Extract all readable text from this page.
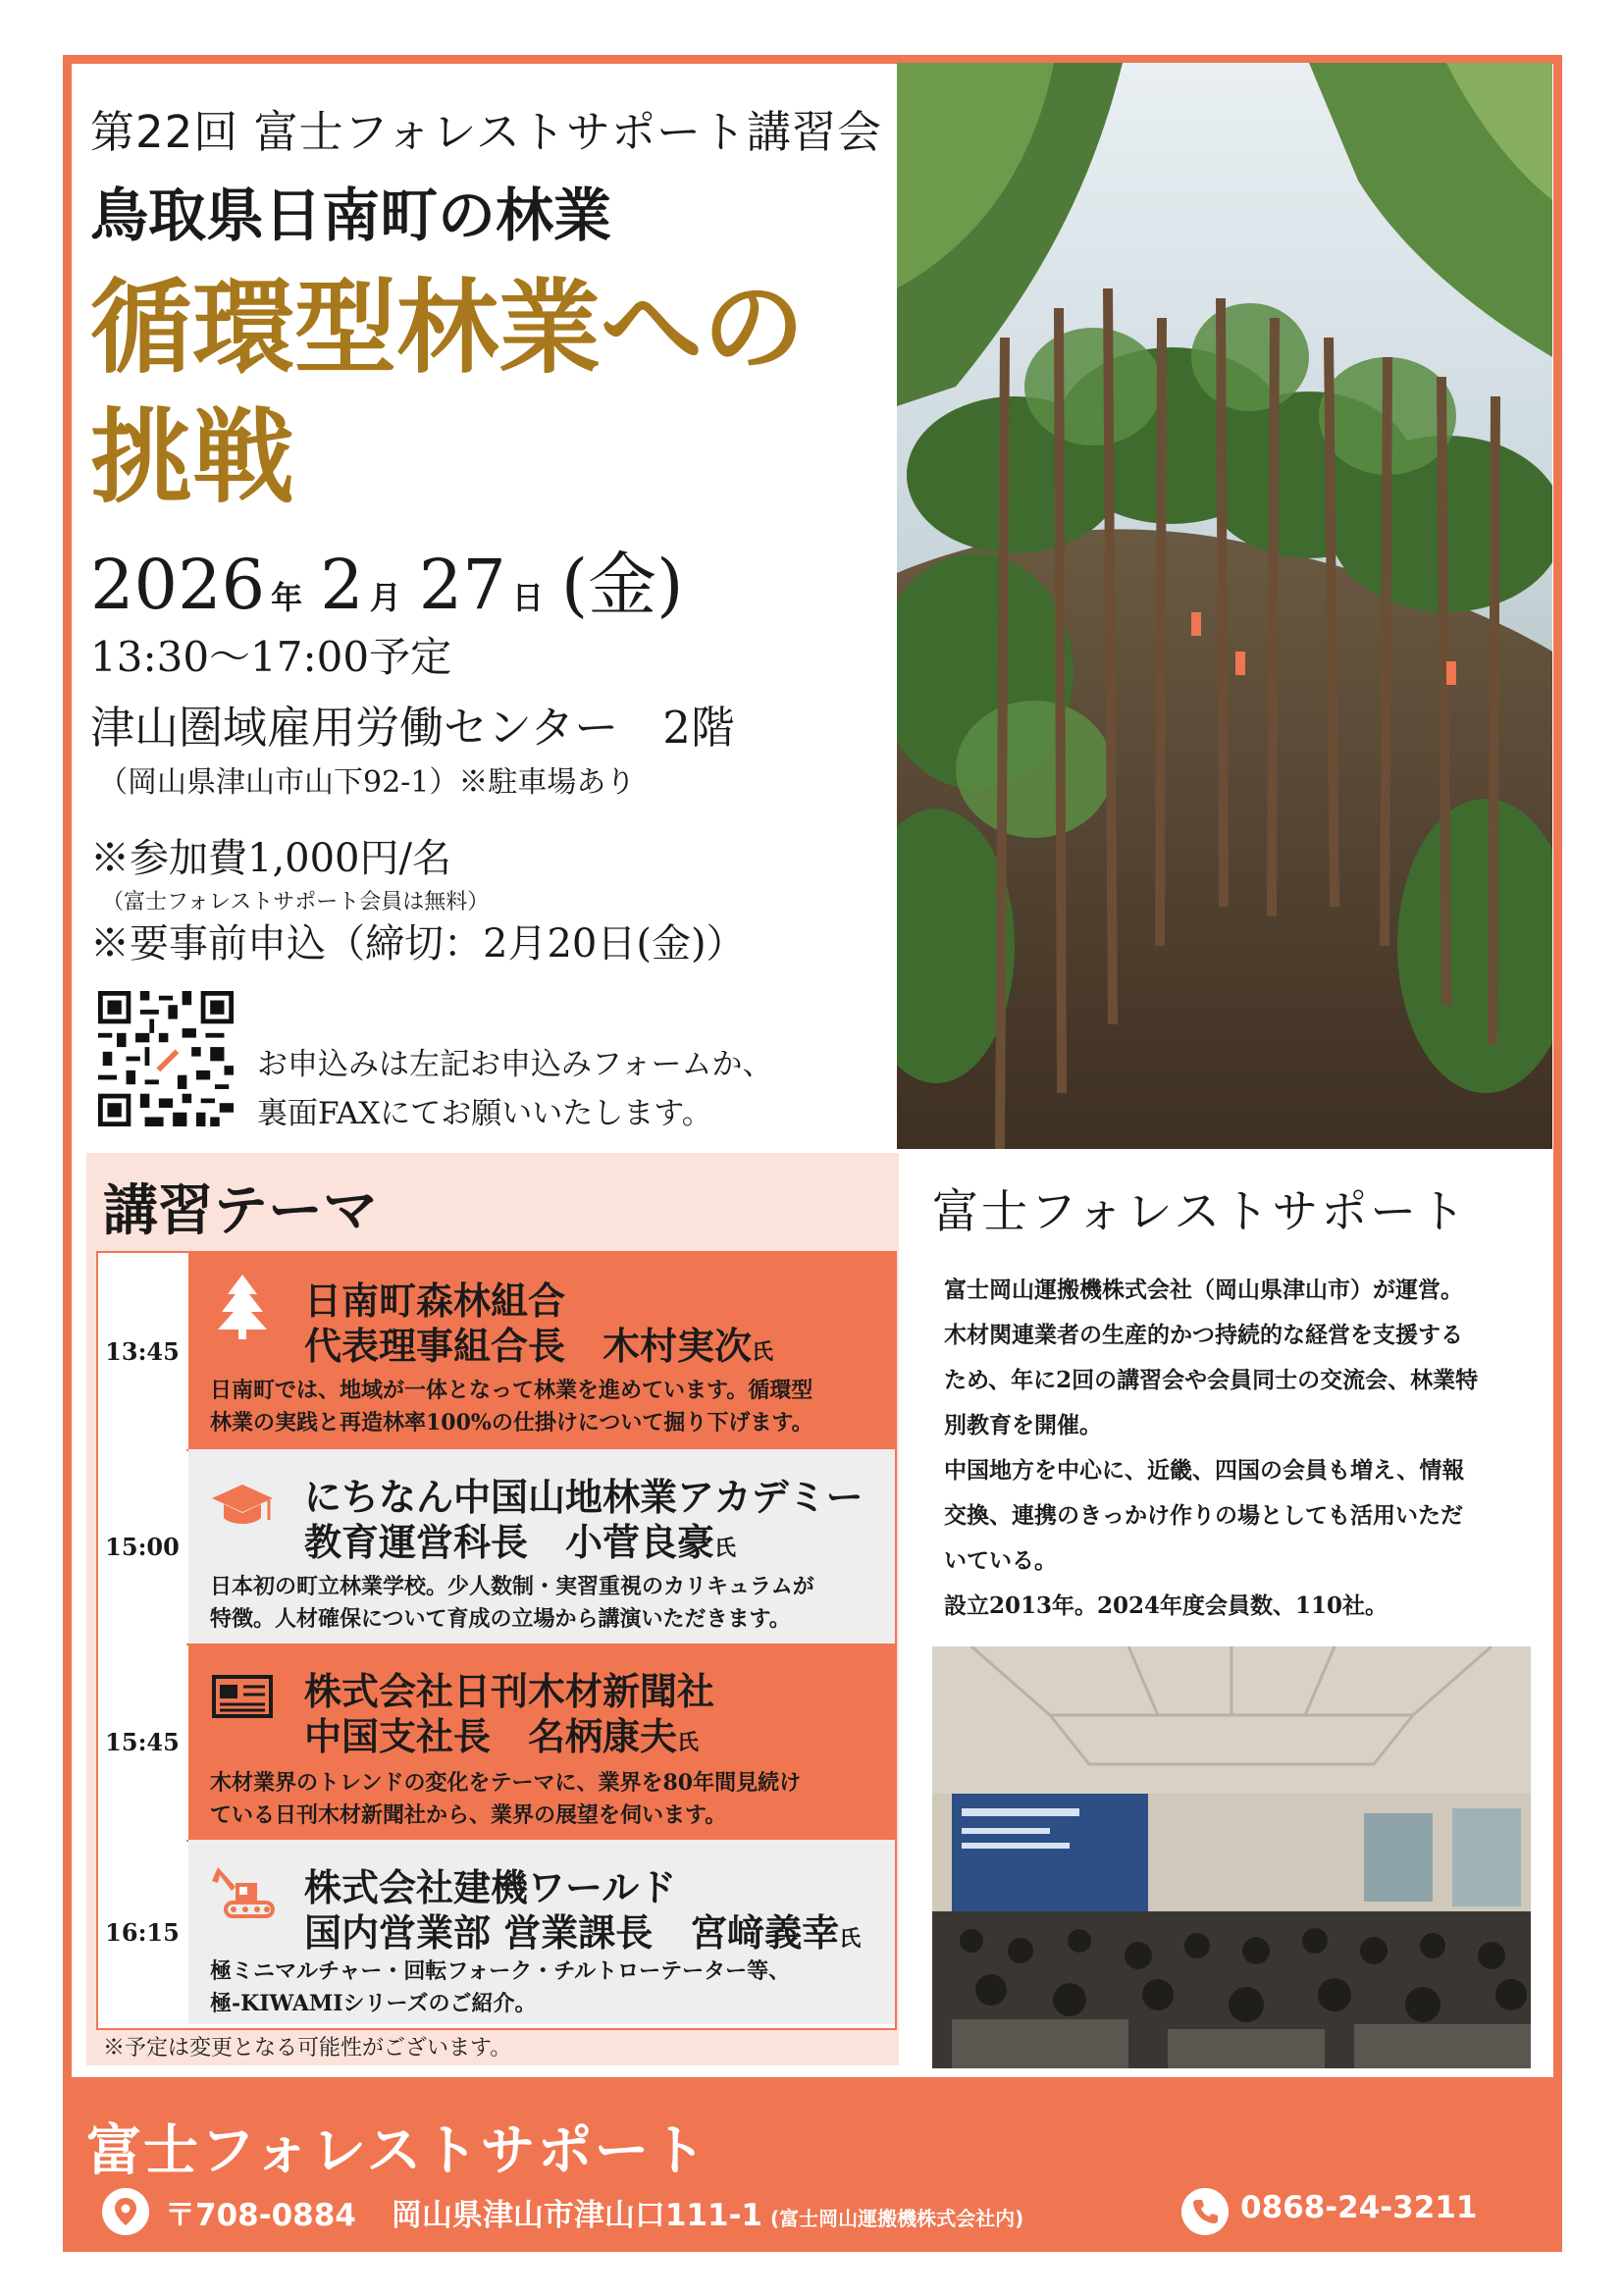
第22回 富士フォレストサポート講習会
鳥取県日南町の林業
循環型林業への
挑戦
2026 年 2 月 27 日 (金)
13:30～17:00予定
津山圏域雇用労働センター　2階
（岡山県津山市山下92-1）※駐車場あり
※参加費1,000円/名
（富士フォレストサポート会員は無料）
※要事前申込（締切：2月20日(金)）
お申込みは左記お申込みフォームか、
裏面FAXにてお願いいたします。
講習テーマ
13:45
日南町森林組合
代表理事組合長　木村実次氏
日南町では、地域が一体となって林業を進めています。循環型
林業の実践と再造林率100%の仕掛けについて掘り下げます。
15:00
にちなん中国山地林業アカデミー
教育運営科長　小菅良豪氏
日本初の町立林業学校。少人数制・実習重視のカリキュラムが
特徴。人材確保について育成の立場から講演いただきます。
15:45
株式会社日刊木材新聞社
中国支社長　名柄康夫氏
木材業界のトレンドの変化をテーマに、業界を80年間見続け
ている日刊木材新聞社から、業界の展望を伺います。
16:15
株式会社建機ワールド
国内営業部 営業課長　宮﨑義幸氏
極ミニマルチャー・回転フォーク・チルトローテーター等、
極-KIWAMIシリーズのご紹介。
※予定は変更となる可能性がございます。
富士フォレストサポート
富士岡山運搬機株式会社（岡山県津山市）が運営。
木材関連業者の生産的かつ持続的な経営を支援する
ため、年に2回の講習会や会員同士の交流会、林業特
別教育を開催。
中国地方を中心に、近畿、四国の会員も増え、情報
交換、連携のきっかけ作りの場としても活用いただ
いている。
設立2013年。2024年度会員数、110社。
富士フォレストサポート
〒708-0884 岡山県津山市津山口111-1 (富士岡山運搬機株式会社内)	0868-24-3211
